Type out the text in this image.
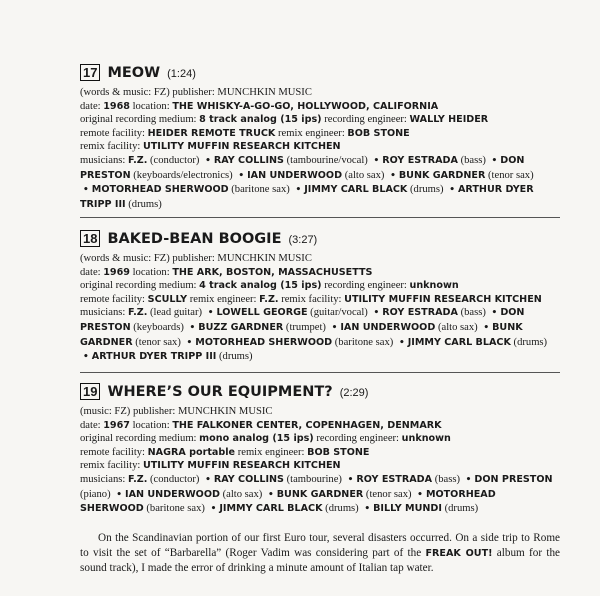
17 MEOW (1:24)
(words & music: FZ) publisher: MUNCHKIN MUSIC
date: 1968 location: THE WHISKY-A-GO-GO, HOLLYWOOD, CALIFORNIA
original recording medium: 8 track analog (15 ips) recording engineer: WALLY HEIDER
remote facility: HEIDER REMOTE TRUCK remix engineer: BOB STONE
remix facility: UTILITY MUFFIN RESEARCH KITCHEN
musicians: F.Z. (conductor) • RAY COLLINS (tambourine/vocal) • ROY ESTRADA (bass) • DON PRESTON (keyboards/electronics) • IAN UNDERWOOD (alto sax) • BUNK GARDNER (tenor sax) • MOTORHEAD SHERWOOD (baritone sax) • JIMMY CARL BLACK (drums) • ARTHUR DYER TRIPP III (drums)
18 BAKED-BEAN BOOGIE (3:27)
(words & music: FZ) publisher: MUNCHKIN MUSIC
date: 1969 location: THE ARK, BOSTON, MASSACHUSETTS
original recording medium: 4 track analog (15 ips) recording engineer: unknown
remote facility: SCULLY remix engineer: F.Z. remix facility: UTILITY MUFFIN RESEARCH KITCHEN
musicians: F.Z. (lead guitar) • LOWELL GEORGE (guitar/vocal) • ROY ESTRADA (bass) • DON PRESTON (keyboards) • BUZZ GARDNER (trumpet) • IAN UNDERWOOD (alto sax) • BUNK GARDNER (tenor sax) • MOTORHEAD SHERWOOD (baritone sax) • JIMMY CARL BLACK (drums) • ARTHUR DYER TRIPP III (drums)
19 WHERE’S OUR EQUIPMENT? (2:29)
(music: FZ) publisher: MUNCHKIN MUSIC
date: 1967 location: THE FALKONER CENTER, COPENHAGEN, DENMARK
original recording medium: mono analog (15 ips) recording engineer: unknown
remote facility: NAGRA portable remix engineer: BOB STONE
remix facility: UTILITY MUFFIN RESEARCH KITCHEN
musicians: F.Z. (conductor) • RAY COLLINS (tambourine) • ROY ESTRADA (bass) • DON PRESTON (piano) • IAN UNDERWOOD (alto sax) • BUNK GARDNER (tenor sax) • MOTORHEAD SHERWOOD (baritone sax) • JIMMY CARL BLACK (drums) • BILLY MUNDI (drums)

On the Scandinavian portion of our first Euro tour, several disasters occurred. On a side trip to Rome to visit the set of “Barbarella” (Roger Vadim was considering part of the FREAK OUT! album for the sound track), I made the error of drinking a minute amount of Italian tap water.
